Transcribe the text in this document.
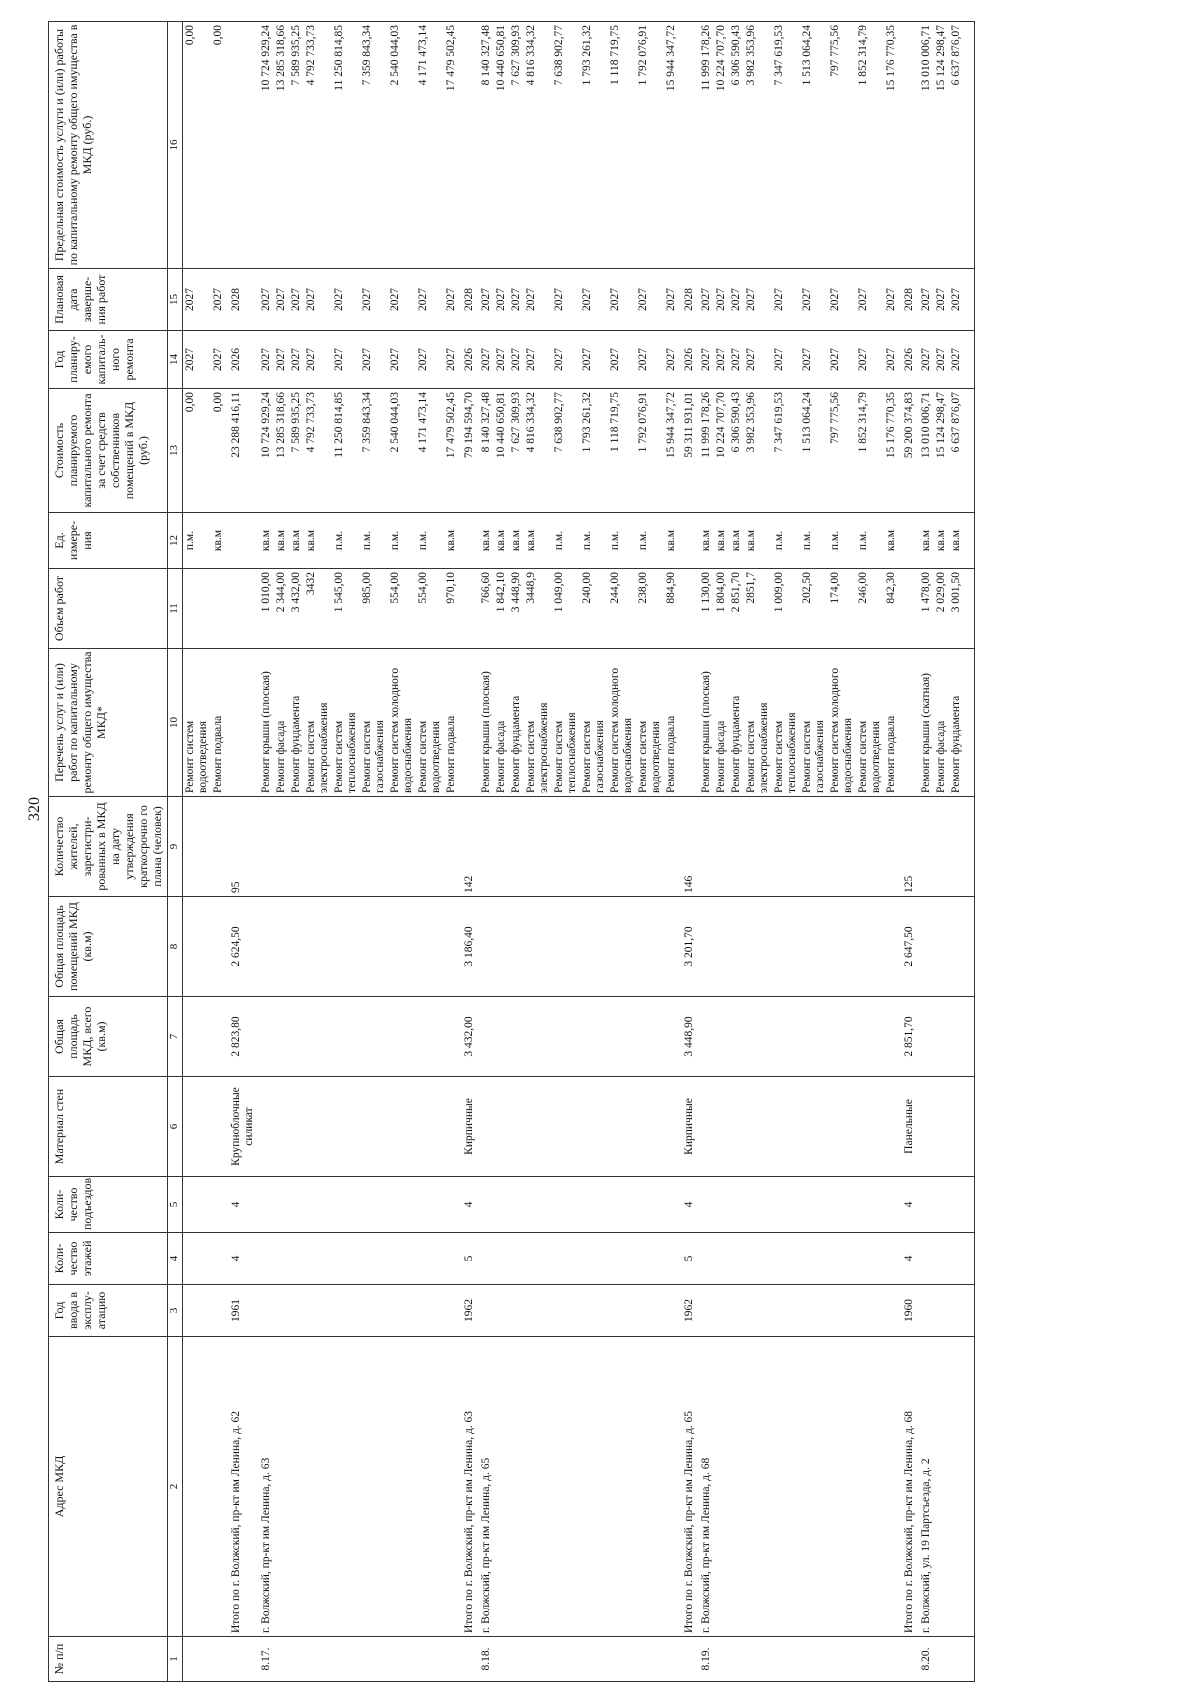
320
№ п/п	Адрес МКД	Год ввода в эксплу- атацию	Коли- чество этажей	Коли- чество подъездов	Материал стен	Общая площадь МКД, всего (кв.м)	Общая площадь помещений МКД (кв.м)	Количество жителей, зарегистри- рованных в МКД на дату утверждения краткосрочно го плана (человек)	Перечень услуг и (или) работ по капитальному ремонту общего имущества МКД*	Объем работ	Ед. измере- ния	Стоимость планируемого капитального ремонта за счет средств собственников помещений в МКД (руб.)	Год планиру- емого капиталь- ного ремонта	Плановая дата заверше- ния работ	Предельная стоимость услуги и (или) работы по капитальному ремонту общего имущества в МКД (руб.)
1	2	3	4	5	6	7	8	9	10	11	12	13	14	15	16

									Ремонт систем водоотведения		п.м.	0,00	2027	2027	0,00
									Ремонт подвала		кв.м	0,00	2027	2027	0,00
	Итого по г. Волжский, пр-кт им Ленина, д. 62	1961	4	4	Крупноблочные силикат	2 823,80	2 624,50	95				23 288 416,11	2026	2028	
8.17.	г. Волжский, пр-кт им Ленина, д. 63								Ремонт крыши (плоская)	1 010,00	кв.м	10 724 929,24	2027	2027	10 724 929,24

									Ремонт фасада	2 344,00	кв.м	13 285 318,66	2027	2027	13 285 318,66

									Ремонт фундамента	3 432,00	кв.м	7 589 935,25	2027	2027	7 589 935,25

									Ремонт систем электроснабжения	3432	кв.м	4 792 733,73	2027	2027	4 792 733,73

									Ремонт систем теплоснабжения	1 545,00	п.м.	11 250 814,85	2027	2027	11 250 814,85

									Ремонт систем газоснабжения	985,00	п.м.	7 359 843,34	2027	2027	7 359 843,34

									Ремонт систем холодного водоснабжения	554,00	п.м.	2 540 044,03	2027	2027	2 540 044,03

									Ремонт систем водоотведения	554,00	п.м.	4 171 473,14	2027	2027	4 171 473,14

									Ремонт подвала	970,10	кв.м	17 479 502,45	2027	2027	17 479 502,45
	Итого по г. Волжский, пр-кт им Ленина, д. 63	1962	5	4	Кирпичные	3 432,00	3 186,40	142				79 194 594,70	2026	2028	
8.18.	г. Волжский, пр-кт им Ленина, д. 65								Ремонт крыши (плоская)	766,60	кв.м	8 140 327,48	2027	2027	8 140 327,48

									Ремонт фасада	1 842,10	кв.м	10 440 650,81	2027	2027	10 440 650,81

									Ремонт фундамента	3 448,90	кв.м	7 627 309,93	2027	2027	7 627 309,93

									Ремонт систем электроснабжения	3448,9	кв.м	4 816 334,32	2027	2027	4 816 334,32

									Ремонт систем теплоснабжения	1 049,00	п.м.	7 638 902,77	2027	2027	7 638 902,77

									Ремонт систем газоснабжения	240,00	п.м.	1 793 261,32	2027	2027	1 793 261,32

									Ремонт систем холодного водоснабжения	244,00	п.м.	1 118 719,75	2027	2027	1 118 719,75

									Ремонт систем водоотведения	238,00	п.м.	1 792 076,91	2027	2027	1 792 076,91

									Ремонт подвала	884,90	кв.м	15 944 347,72	2027	2027	15 944 347,72
	Итого по г. Волжский, пр-кт им Ленина, д. 65	1962	5	4	Кирпичные	3 448,90	3 201,70	146				59 311 931,01	2026	2028	
8.19.	г. Волжский, пр-кт им Ленина, д. 68								Ремонт крыши (плоская)	1 130,00	кв.м	11 999 178,26	2027	2027	11 999 178,26

									Ремонт фасада	1 804,00	кв.м	10 224 707,70	2027	2027	10 224 707,70

									Ремонт фундамента	2 851,70	кв.м	6 306 590,43	2027	2027	6 306 590,43

									Ремонт систем электроснабжения	2851,7	кв.м	3 982 353,96	2027	2027	3 982 353,96

									Ремонт систем теплоснабжения	1 009,00	п.м.	7 347 619,53	2027	2027	7 347 619,53

									Ремонт систем газоснабжения	202,50	п.м.	1 513 064,24	2027	2027	1 513 064,24

									Ремонт систем холодного водоснабжения	174,00	п.м.	797 775,56	2027	2027	797 775,56

									Ремонт систем водоотведения	246,00	п.м.	1 852 314,79	2027	2027	1 852 314,79

									Ремонт подвала	842,30	кв.м	15 176 770,35	2027	2027	15 176 770,35
	Итого по г. Волжский, пр-кт им Ленина, д. 68	1960	4	4	Панельные	2 851,70	2 647,50	125				59 200 374,83	2026	2028	
8.20.	г. Волжский, ул. 19 Партсъезда, д. 2								Ремонт крыши (скатная)	1 478,00	кв.м	13 010 006,71	2027	2027	13 010 006,71

									Ремонт фасада	2 029,00	кв.м	15 124 298,47	2027	2027	15 124 298,47

									Ремонт фундамента	3 001,50	кв.м	6 637 876,07	2027	2027	6 637 876,07
